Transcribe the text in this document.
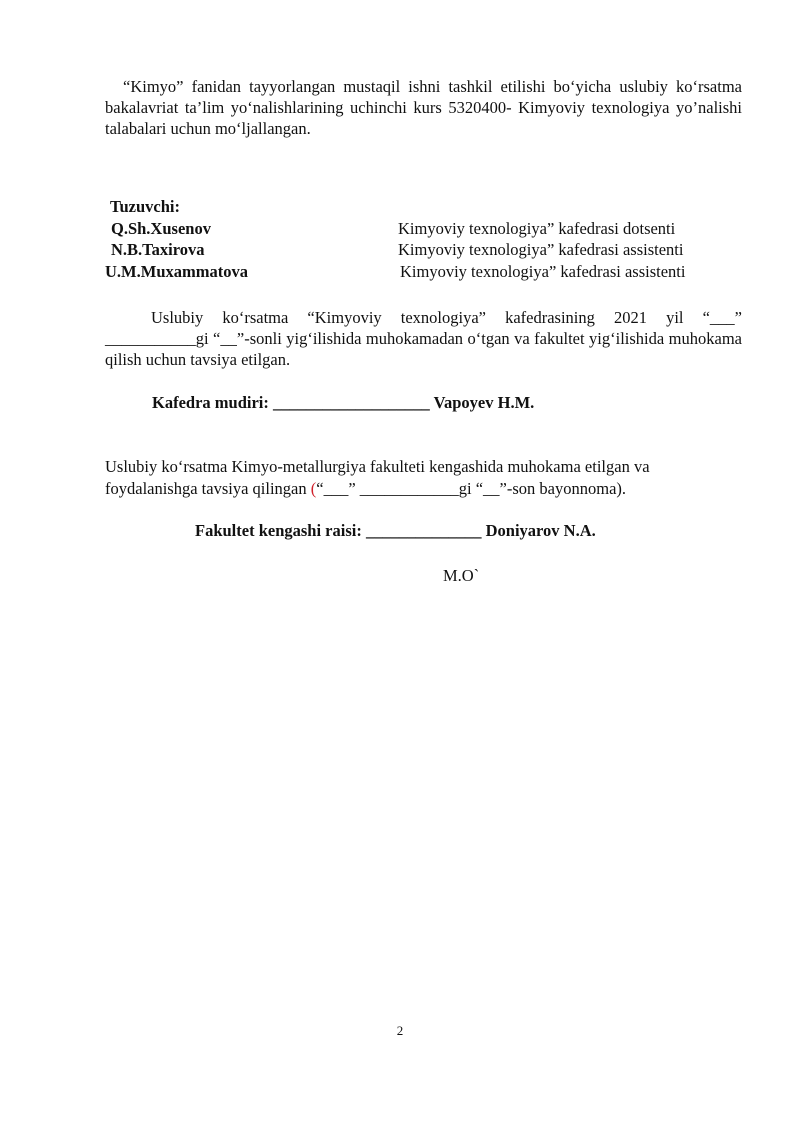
“Kimyo” fanidan tayyorlangan mustaqil ishni tashkil etilishi bo‘yicha uslubiy ko‘rsatma bakalavriat ta’lim yo‘nalishlarining uchinchi kurs 5320400- Kimyoviy texnologiya yo’nalishi talabalari uchun mo‘ljallangan.

Tuzuvchi:

Q.Sh.Xusenov	Kimyoviy texnologiya” kafedrasi dotsenti
N.B.Taxirova	Kimyoviy texnologiya” kafedrasi assistenti
U.M.Muxammatova	Kimyoviy texnologiya” kafedrasi assistenti

Uslubiy ko‘rsatma “Kimyoviy texnologiya” kafedrasining 2021 yil “___” ___________gi “__”-sonli yig‘ilishida muhokamadan o‘tgan va fakultet yig‘ilishida muhokama qilish uchun tavsiya etilgan.

Kafedra mudiri: ___________________ Vapoyev H.M.

Uslubiy ko‘rsatma Kimyo-metallurgiya fakulteti kengashida muhokama etilgan va foydalanishga tavsiya qilingan (“___” ____________gi “__”-son bayonnoma).

Fakultet kengashi raisi: ______________ Doniyarov N.A.
M.O`
2
